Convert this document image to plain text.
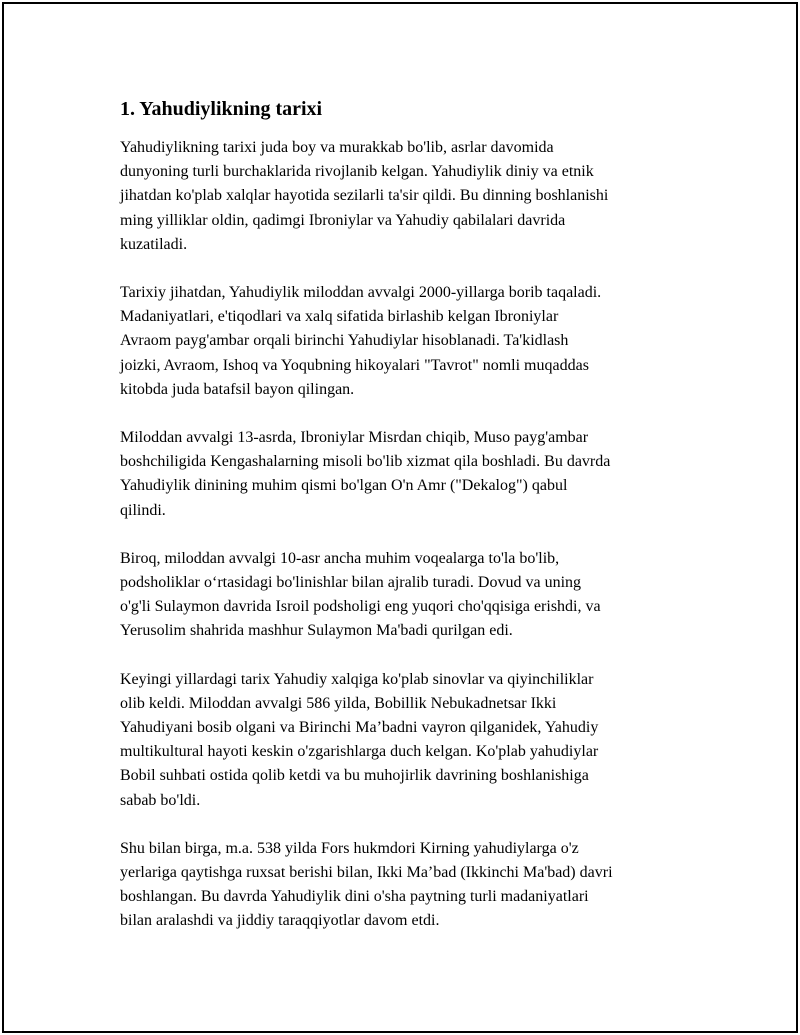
1. Yahudiylikning tarixi

Yahudiylikning tarixi juda boy va murakkab bo'lib, asrlar davomida
dunyoning turli burchaklarida rivojlanib kelgan. Yahudiylik diniy va etnik
jihatdan ko'plab xalqlar hayotida sezilarli ta'sir qildi. Bu dinning boshlanishi
ming yilliklar oldin, qadimgi Ibroniylar va Yahudiy qabilalari davrida
kuzatiladi.

Tarixiy jihatdan, Yahudiylik miloddan avvalgi 2000-yillarga borib taqaladi.
Madaniyatlari, e'tiqodlari va xalq sifatida birlashib kelgan Ibroniylar
Avraom payg'ambar orqali birinchi Yahudiylar hisoblanadi. Ta'kidlash
joizki, Avraom, Ishoq va Yoqubning hikoyalari "Tavrot" nomli muqaddas
kitobda juda batafsil bayon qilingan.

Miloddan avvalgi 13-asrda, Ibroniylar Misrdan chiqib, Muso payg'ambar
boshchiligida Kengashalarning misoli bo'lib xizmat qila boshladi. Bu davrda
Yahudiylik dinining muhim qismi bo'lgan O'n Amr ("Dekalog") qabul
qilindi.

Biroq, miloddan avvalgi 10-asr ancha muhim voqealarga to'la bo'lib,
podsholiklar o‘rtasidagi bo'linishlar bilan ajralib turadi. Dovud va uning
o'g'li Sulaymon davrida Isroil podsholigi eng yuqori cho'qqisiga erishdi, va
Yerusolim shahrida mashhur Sulaymon Ma'badi qurilgan edi.

Keyingi yillardagi tarix Yahudiy xalqiga ko'plab sinovlar va qiyinchiliklar
olib keldi. Miloddan avvalgi 586 yilda, Bobillik Nebukadnetsar Ikki
Yahudiyani bosib olgani va Birinchi Ma’badni vayron qilganidek, Yahudiy
multikultural hayoti keskin o'zgarishlarga duch kelgan. Ko'plab yahudiylar
Bobil suhbati ostida qolib ketdi va bu muhojirlik davrining boshlanishiga
sabab bo'ldi.

Shu bilan birga, m.a. 538 yilda Fors hukmdori Kirning yahudiylarga o'z
yerlariga qaytishga ruxsat berishi bilan, Ikki Ma’bad (Ikkinchi Ma'bad) davri
boshlangan. Bu davrda Yahudiylik dini o'sha paytning turli madaniyatlari
bilan aralashdi va jiddiy taraqqiyotlar davom etdi.
